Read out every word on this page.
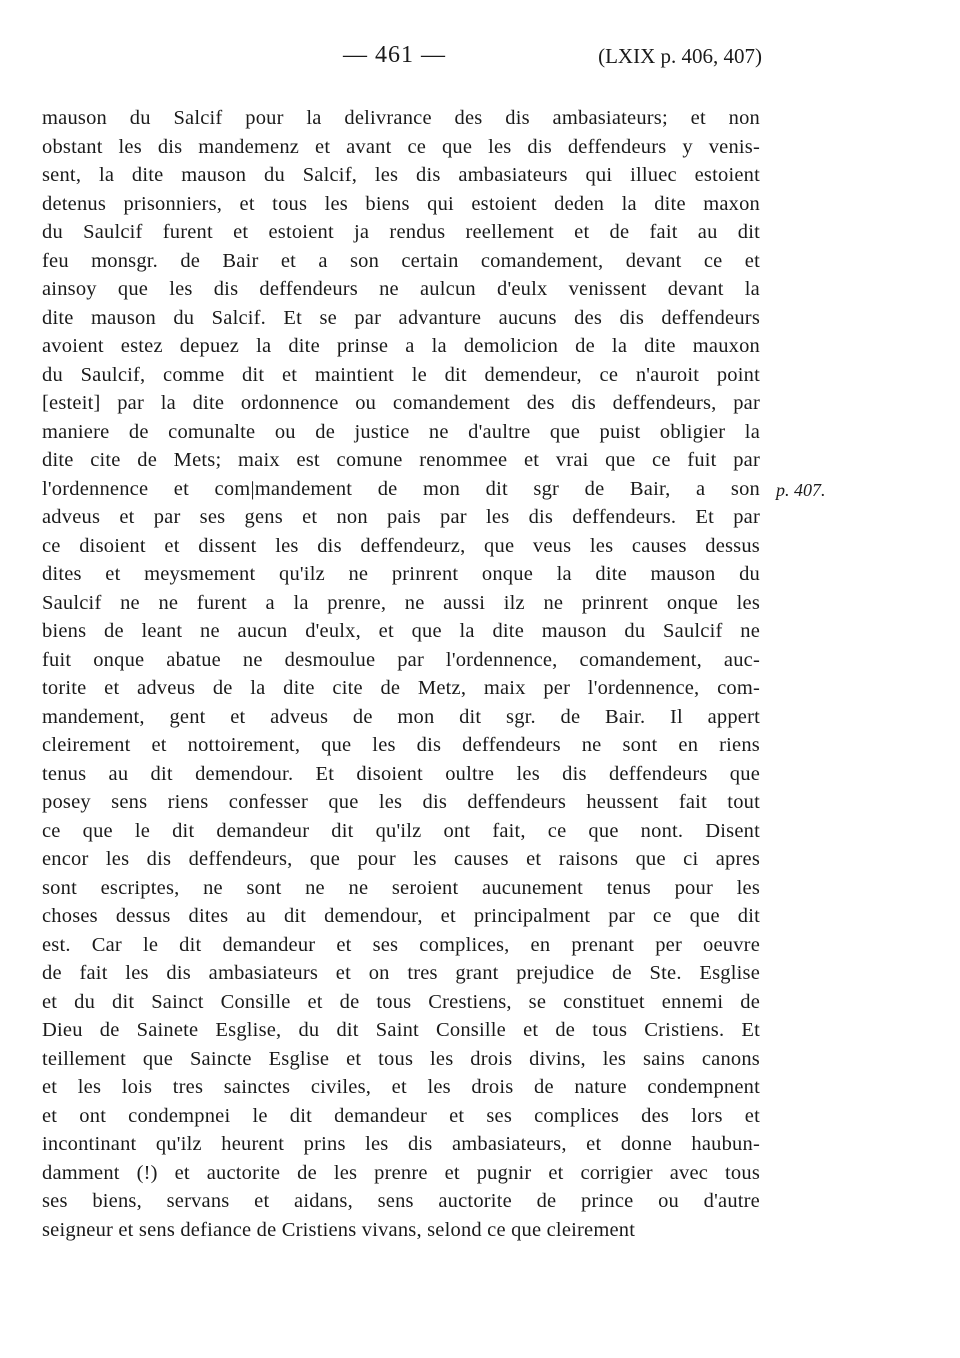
— 461 —	(LXIX p. 406, 407)
mauson du Salcif pour la delivrance des dis ambasiateurs; et non
obstant les dis mandemenz et avant ce que les dis deffendeurs y venis-
sent, la dite mauson du Salcif, les dis ambasiateurs qui illuec estoient
detenus prisonniers, et tous les biens qui estoient deden la dite maxon
du Saulcif furent et estoient ja rendus reellement et de fait au dit
feu monsgr. de Bair et a son certain comandement, devant ce et
ainsoy que les dis deffendeurs ne aulcun d'eulx venissent devant la
dite mauson du Salcif. Et se par advanture aucuns des dis deffendeurs
avoient estez depuez la dite prinse a la demolicion de la dite mauxon
du Saulcif, comme dit et maintient le dit demendeur, ce n'auroit point
[esteit] par la dite ordonnence ou comandement des dis deffendeurs, par
maniere de comunalte ou de justice ne d'aultre que puist obligier la
dite cite de Mets; maix est comune renommee et vrai que ce fuit par
l'ordennence et com|mandement de mon dit sgr de Bair, a son
adveus et par ses gens et non pais par les dis deffendeurs. Et par
ce disoient et dissent les dis deffendeurz, que veus les causes dessus
dites et meysmement qu'ilz ne prinrent onque la dite mauson du
Saulcif ne ne furent a la prenre, ne aussi ilz ne prinrent onque les
biens de leant ne aucun d'eulx, et que la dite mauson du Saulcif ne
fuit onque abatue ne desmoulue par l'ordennence, comandement, auc-
torite et adveus de la dite cite de Metz, maix per l'ordennence, com-
mandement, gent et adveus de mon dit sgr. de Bair. Il appert
cleirement et nottoirement, que les dis deffendeurs ne sont en riens
tenus au dit demendour. Et disoient oultre les dis deffendeurs que
posey sens riens confesser que les dis deffendeurs heussent fait tout
ce que le dit demandeur dit qu'ilz ont fait, ce que nont. Disent
encor les dis deffendeurs, que pour les causes et raisons que ci apres
sont escriptes, ne sont ne ne seroient aucunement tenus pour les
choses dessus dites au dit demendour, et principalment par ce que dit
est. Car le dit demandeur et ses complices, en prenant per oeuvre
de fait les dis ambasiateurs et on tres grant prejudice de Ste. Esglise
et du dit Sainct Consille et de tous Crestiens, se constituet ennemi de
Dieu de Sainete Esglise, du dit Saint Consille et de tous Cristiens. Et
teillement que Saincte Esglise et tous les drois divins, les sains canons
et les lois tres sainctes civiles, et les drois de nature condempnent
et ont condempnei le dit demandeur et ses complices des lors et
incontinant qu'ilz heurent prins les dis ambasiateurs, et donne haubun-
damment (!) et auctorite de les prenre et pugnir et corrigier avec tous
ses biens, servans et aidans, sens auctorite de prince ou d'autre
seigneur et sens defiance de Cristiens vivans, selond ce que cleirement
p. 407.
